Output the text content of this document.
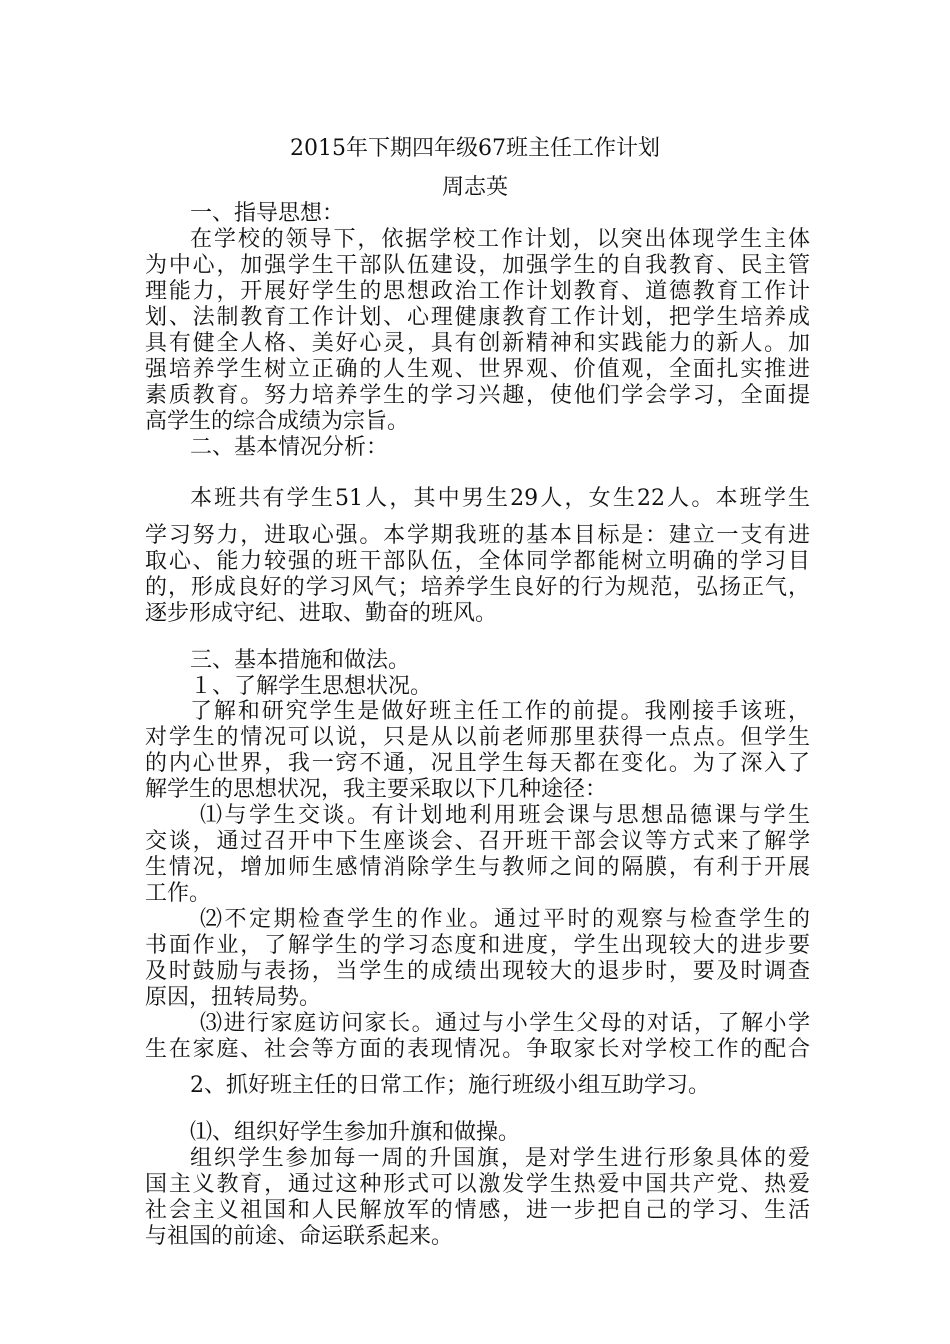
2015年下期四年级67班主任工作计划
周志英
一、指导思想：
在学校的领导下，依据学校工作计划，以突出体现学生主体
为中心，加强学生干部队伍建设，加强学生的自我教育、民主管
理能力，开展好学生的思想政治工作计划教育、道德教育工作计
划、法制教育工作计划、心理健康教育工作计划，把学生培养成
具有健全人格、美好心灵，具有创新精神和实践能力的新人。加
强培养学生树立正确的人生观、世界观、价值观，全面扎实推进
素质教育。努力培养学生的学习兴趣，使他们学会学习，全面提
高学生的综合成绩为宗旨。
二、基本情况分析：
本班共有学生51人，其中男生29人，女生22人。本班学生
学习努力，进取心强。本学期我班的基本目标是：建立一支有进
取心、能力较强的班干部队伍，全体同学都能树立明确的学习目
的，形成良好的学习风气；培养学生良好的行为规范，弘扬正气，
逐步形成守纪、进取、勤奋的班风。
三、基本措施和做法。
１、了解学生思想状况。
了解和研究学生是做好班主任工作的前提。我刚接手该班，
对学生的情况可以说，只是从以前老师那里获得一点点。但学生
的内心世界，我一窍不通，况且学生每天都在变化。为了深入了
解学生的思想状况，我主要采取以下几种途径：
⑴与学生交谈。有计划地利用班会课与思想品德课与学生
交谈，通过召开中下生座谈会、召开班干部会议等方式来了解学
生情况，增加师生感情消除学生与教师之间的隔膜，有利于开展
工作。
⑵不定期检查学生的作业。通过平时的观察与检查学生的
书面作业，了解学生的学习态度和进度，学生出现较大的进步要
及时鼓励与表扬，当学生的成绩出现较大的退步时，要及时调查
原因，扭转局势。
⑶进行家庭访问家长。通过与小学生父母的对话，了解小学
生在家庭、社会等方面的表现情况。争取家长对学校工作的配合
2、抓好班主任的日常工作；施行班级小组互助学习。
⑴、组织好学生参加升旗和做操。
组织学生参加每一周的升国旗，是对学生进行形象具体的爱
国主义教育，通过这种形式可以激发学生热爱中国共产党、热爱
社会主义祖国和人民解放军的情感，进一步把自己的学习、生活
与祖国的前途、命运联系起来。
